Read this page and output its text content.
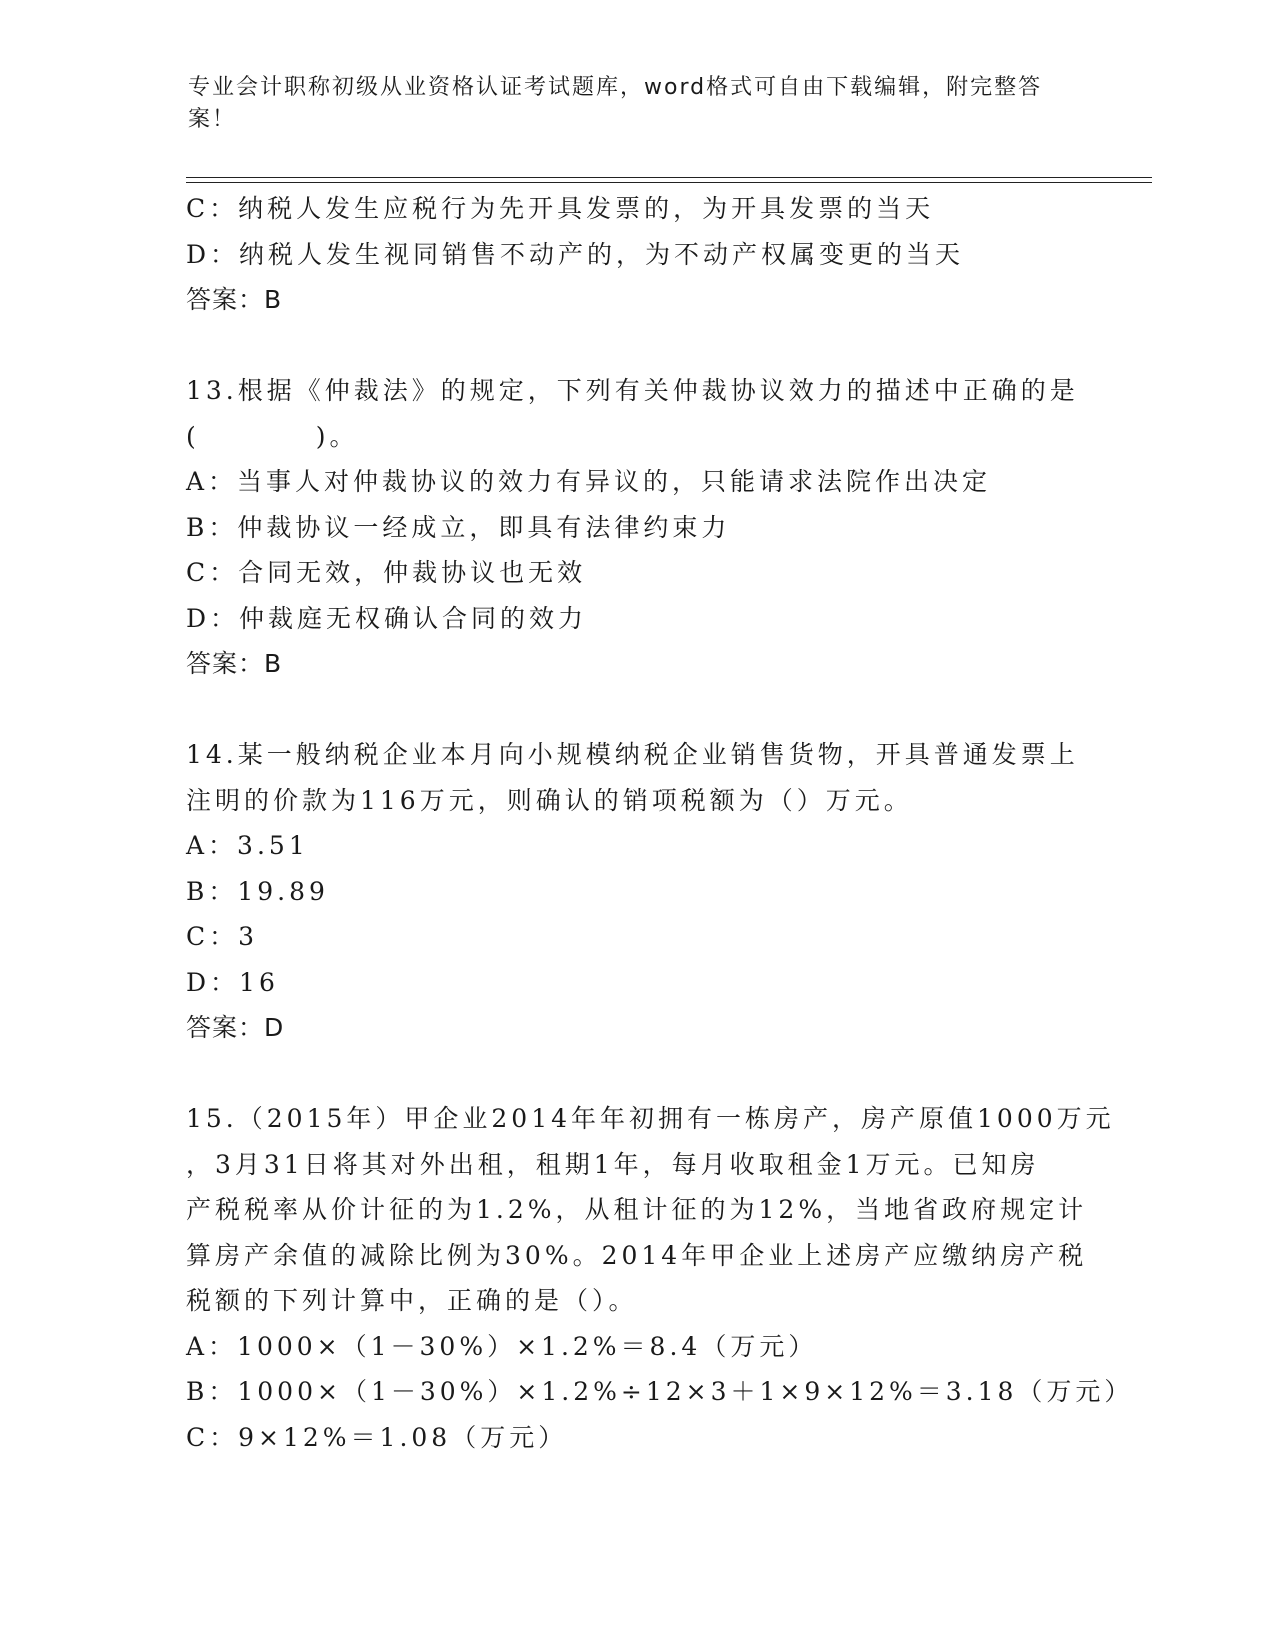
专业会计职称初级从业资格认证考试题库，word格式可自由下载编辑，附完整答案！
C：纳税人发生应税行为先开具发票的，为开具发票的当天
D：纳税人发生视同销售不动产的，为不动产权属变更的当天
答案：B
13.根据《仲裁法》的规定，下列有关仲裁协议效力的描述中正确的是
(　　　　)。
A：当事人对仲裁协议的效力有异议的，只能请求法院作出决定
B：仲裁协议一经成立，即具有法律约束力
C：合同无效，仲裁协议也无效
D：仲裁庭无权确认合同的效力
答案：B
14.某一般纳税企业本月向小规模纳税企业销售货物，开具普通发票上
注明的价款为116万元，则确认的销项税额为（）万元。
A：3.51
B：19.89
C：3
D：16
答案：D
15.（2015年）甲企业2014年年初拥有一栋房产，房产原值1000万元
，3月31日将其对外出租，租期1年，每月收取租金1万元。已知房
产税税率从价计征的为1.2%，从租计征的为12%，当地省政府规定计
算房产余值的减除比例为30%。2014年甲企业上述房产应缴纳房产税
税额的下列计算中，正确的是（）。
A：1000×（1－30%）×1.2%＝8.4（万元）
B：1000×（1－30%）×1.2%÷12×3＋1×9×12%＝3.18（万元）
C：9×12%＝1.08（万元）
